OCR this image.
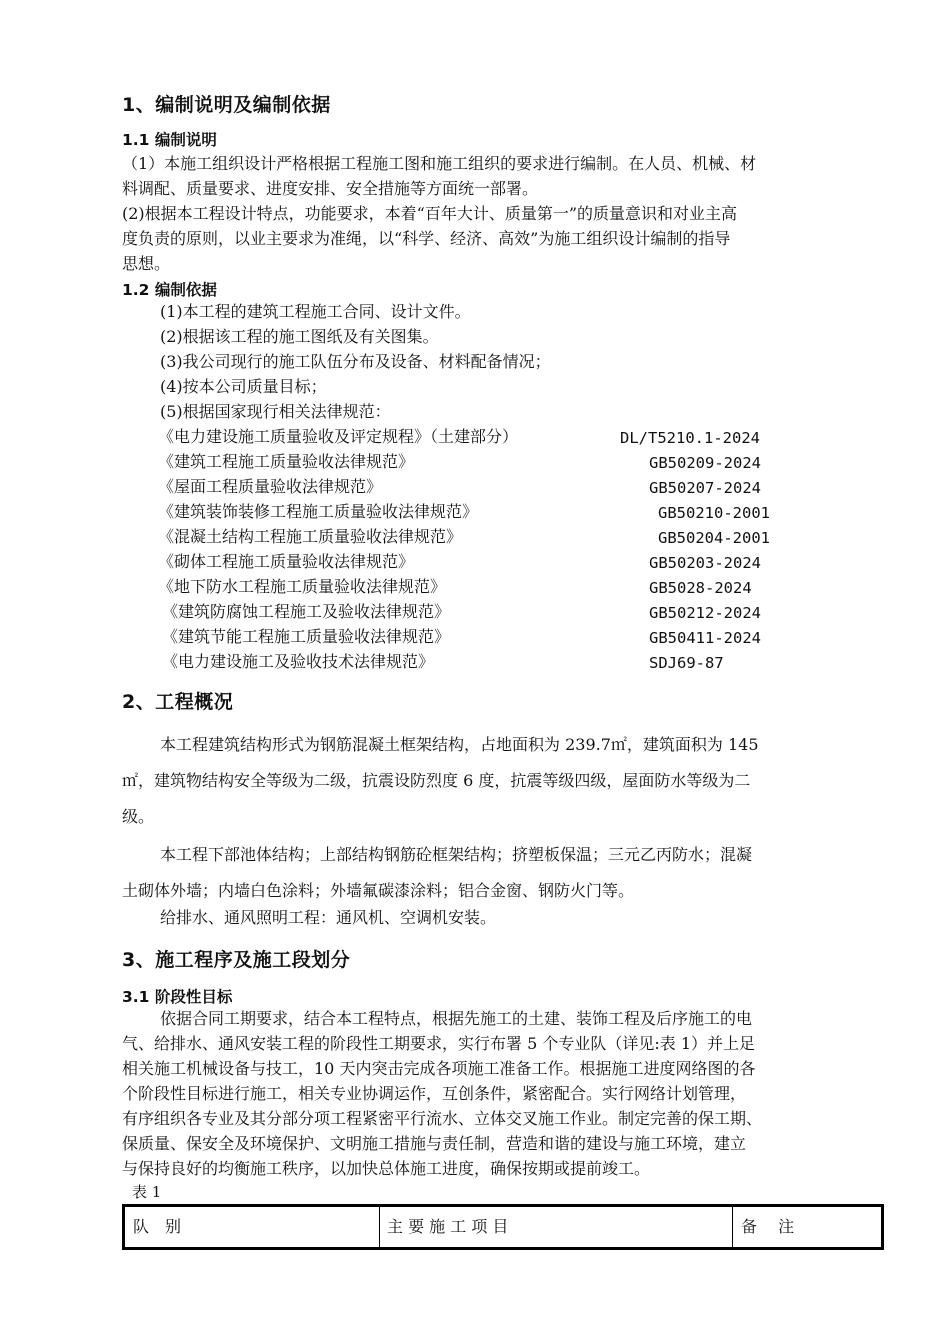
1、编制说明及编制依据
1.1 编制说明
（1）本施工组织设计严格根据工程施工图和施工组织的要求进行编制。在人员、机械、材
料调配、质量要求、进度安排、安全措施等方面统一部署。
(2)根据本工程设计特点，功能要求，本着“百年大计、质量第一”的质量意识和对业主高
度负责的原则，以业主要求为准绳，以“科学、经济、高效”为施工组织设计编制的指导
思想。
1.2 编制依据
(1)本工程的建筑工程施工合同、设计文件。
(2)根据该工程的施工图纸及有关图集。
(3)我公司现行的施工队伍分布及设备、材料配备情况；
(4)按本公司质量目标；
(5)根据国家现行相关法律规范：
《电力建设施工质量验收及评定规程》（土建部分）	DL/T5210.1-2024
《建筑工程施工质量验收法律规范》	GB50209-2024
《屋面工程质量验收法律规范》	GB50207-2024
《建筑装饰装修工程施工质量验收法律规范》	GB50210-2001
《混凝土结构工程施工质量验收法律规范》	GB50204-2001
《砌体工程施工质量验收法律规范》	GB50203-2024
《地下防水工程施工质量验收法律规范》	GB5028-2024
《建筑防腐蚀工程施工及验收法律规范》	GB50212-2024
《建筑节能工程施工质量验收法律规范》	GB50411-2024
《电力建设施工及验收技术法律规范》	SDJ69-87
2、工程概况
本工程建筑结构形式为钢筋混凝土框架结构，占地面积为 239.7㎡，建筑面积为 145
㎡，建筑物结构安全等级为二级，抗震设防烈度 6 度，抗震等级四级，屋面防水等级为二
级。
本工程下部池体结构；上部结构钢筋砼框架结构；挤塑板保温；三元乙丙防水；混凝
土砌体外墙；内墙白色涂料；外墙氟碳漆涂料；铝合金窗、钢防火门等。
给排水、通风照明工程：通风机、空调机安装。
3、施工程序及施工段划分
3.1 阶段性目标
依据合同工期要求，结合本工程特点，根据先施工的土建、装饰工程及后序施工的电
气、给排水、通风安装工程的阶段性工期要求，实行布署 5 个专业队（详见:表 1）并上足
相关施工机械设备与技工，10 天内突击完成各项施工准备工作。根据施工进度网络图的各
个阶段性目标进行施工，相关专业协调运作，互创条件，紧密配合。实行网络计划管理，
有序组织各专业及其分部分项工程紧密平行流水、立体交叉施工作业。制定完善的保工期、
保质量、保安全及环境保护、文明施工措施与责任制，营造和谐的建设与施工环境，建立
与保持良好的均衡施工秩序，以加快总体施工进度，确保按期或提前竣工。
表 1
队　别	主 要 施 工 项 目	备　 注
